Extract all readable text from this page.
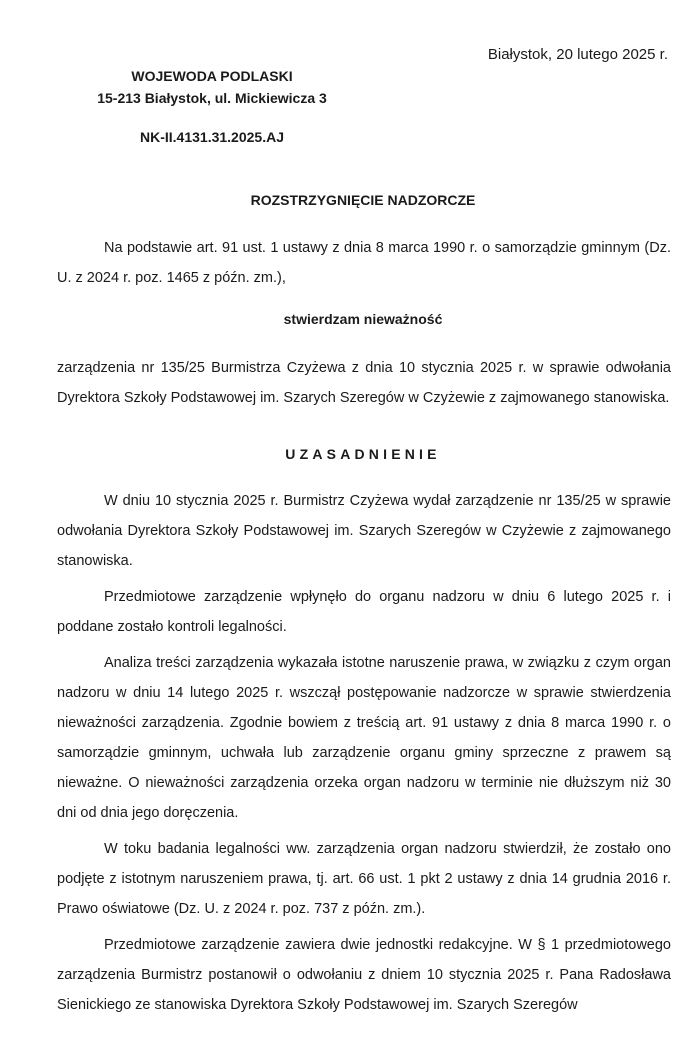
Białystok, 20 lutego 2025 r.
WOJEWODA PODLASKI
15-213 Białystok, ul. Mickiewicza 3
NK-II.4131.31.2025.AJ
ROZSTRZYGNIĘCIE NADZORCZE

Na podstawie art. 91 ust. 1 ustawy z dnia 8 marca 1990 r. o samorządzie gminnym (Dz. U. z 2024 r. poz. 1465 z późn. zm.),

stwierdzam nieważność

zarządzenia nr 135/25 Burmistrza Czyżewa z dnia 10 stycznia 2025 r. w sprawie odwołania Dyrektora Szkoły Podstawowej im. Szarych Szeregów w Czyżewie z zajmowanego stanowiska.

UZASADNIENIE

W dniu 10 stycznia 2025 r. Burmistrz Czyżewa wydał zarządzenie nr 135/25 w sprawie odwołania Dyrektora Szkoły Podstawowej im. Szarych Szeregów w Czyżewie z zajmowanego stanowiska.

Przedmiotowe zarządzenie wpłynęło do organu nadzoru w dniu 6 lutego 2025 r. i poddane zostało kontroli legalności.

Analiza treści zarządzenia wykazała istotne naruszenie prawa, w związku z czym organ nadzoru w dniu 14 lutego 2025 r. wszczął postępowanie nadzorcze w sprawie stwierdzenia nieważności zarządzenia. Zgodnie bowiem z treścią art. 91 ustawy z dnia 8 marca 1990 r. o samorządzie gminnym, uchwała lub zarządzenie organu gminy sprzeczne z prawem są nieważne. O nieważności zarządzenia orzeka organ nadzoru w terminie nie dłuższym niż 30 dni od dnia jego doręczenia.

W toku badania legalności ww. zarządzenia organ nadzoru stwierdził, że zostało ono podjęte z istotnym naruszeniem prawa, tj. art. 66 ust. 1 pkt 2 ustawy z dnia 14 grudnia 2016 r. Prawo oświatowe (Dz. U. z 2024 r. poz. 737 z późn. zm.).

Przedmiotowe zarządzenie zawiera dwie jednostki redakcyjne. W § 1 przedmiotowego zarządzenia Burmistrz postanowił o odwołaniu z dniem 10 stycznia 2025 r. Pana Radosława Sienickiego ze stanowiska Dyrektora Szkoły Podstawowej im. Szarych Szeregów
